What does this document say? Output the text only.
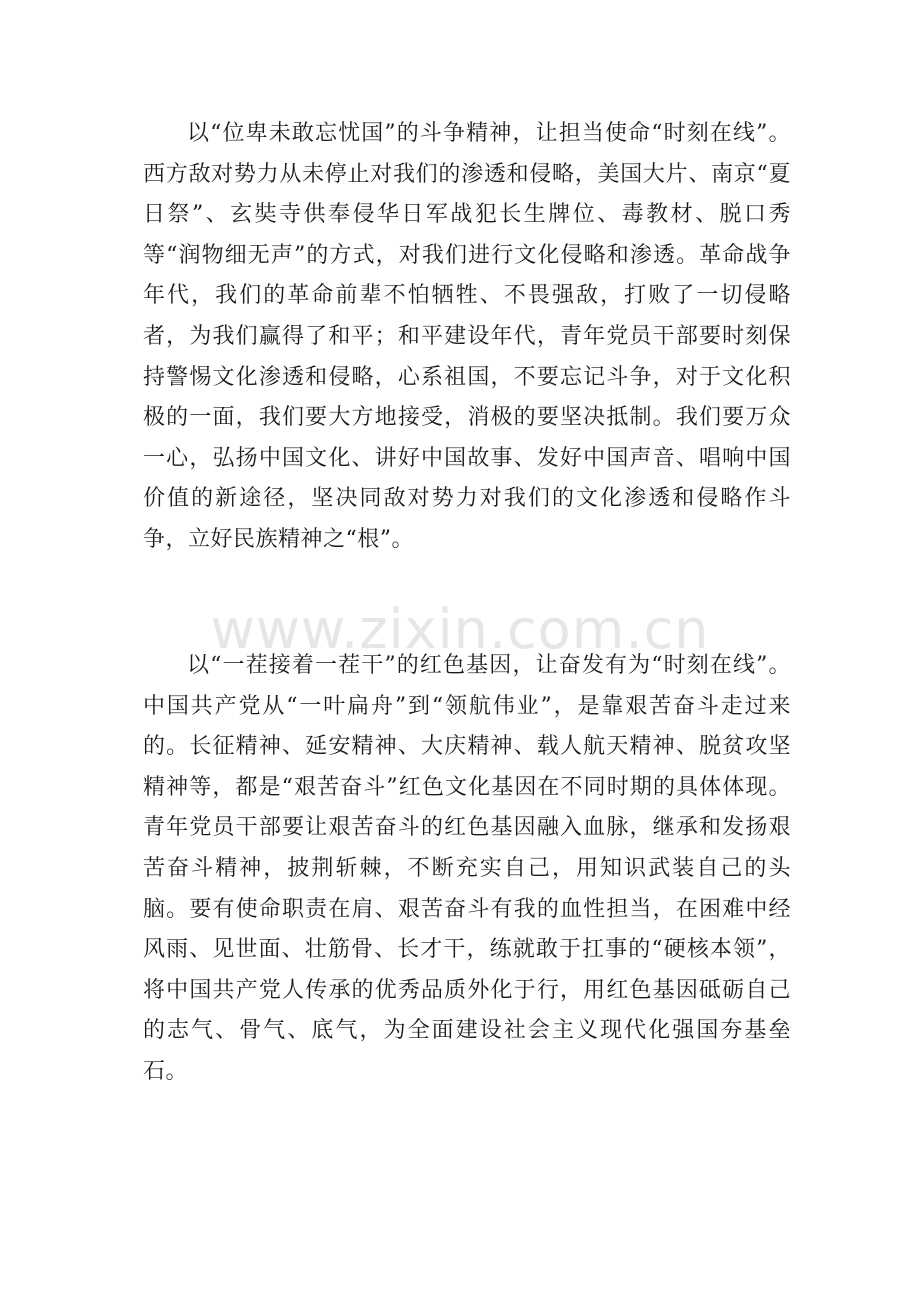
以“位卑未敢忘忧国”的斗争精神，让担当使命“时刻在线”。西方敌对势力从未停止对我们的渗透和侵略，美国大片、南京“夏日祭”、玄奘寺供奉侵华日军战犯长生牌位、毒教材、脱口秀等“润物细无声”的方式，对我们进行文化侵略和渗透。革命战争年代，我们的革命前辈不怕牺牲、不畏强敌，打败了一切侵略者，为我们赢得了和平；和平建设年代，青年党员干部要时刻保持警惕文化渗透和侵略，心系祖国，不要忘记斗争，对于文化积极的一面，我们要大方地接受，消极的要坚决抵制。我们要万众一心，弘扬中国文化、讲好中国故事、发好中国声音、唱响中国价值的新途径，坚决同敌对势力对我们的文化渗透和侵略作斗争，立好民族精神之“根”。

www.zixin.com.cn

以“一茬接着一茬干”的红色基因，让奋发有为“时刻在线”。中国共产党从“一叶扁舟”到“领航伟业”，是靠艰苦奋斗走过来的。长征精神、延安精神、大庆精神、载人航天精神、脱贫攻坚精神等，都是“艰苦奋斗”红色文化基因在不同时期的具体体现。青年党员干部要让艰苦奋斗的红色基因融入血脉，继承和发扬艰苦奋斗精神，披荆斩棘，不断充实自己，用知识武装自己的头脑。要有使命职责在肩、艰苦奋斗有我的血性担当，在困难中经风雨、见世面、壮筋骨、长才干，练就敢于扛事的“硬核本领”，将中国共产党人传承的优秀品质外化于行，用红色基因砥砺自己的志气、骨气、底气，为全面建设社会主义现代化强国夯基垒石。
